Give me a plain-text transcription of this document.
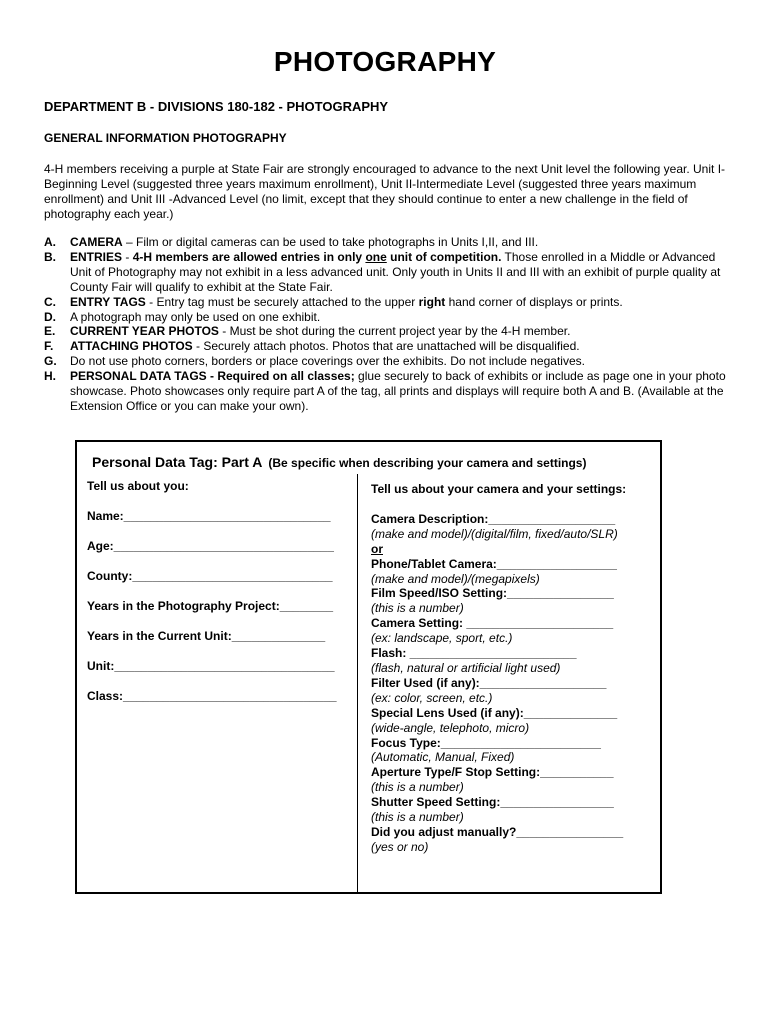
PHOTOGRAPHY

DEPARTMENT B - DIVISIONS 180-182 - PHOTOGRAPHY

GENERAL INFORMATION PHOTOGRAPHY

4-H members receiving a purple at State Fair are strongly encouraged to advance to the next Unit level the following year. Unit I-Beginning Level (suggested three years maximum enrollment), Unit II-Intermediate Level (suggested three years maximum enrollment) and Unit III -Advanced Level (no limit, except that they should continue to enter a new challenge in the field of photography each year.)

A. CAMERA – Film or digital cameras can be used to take photographs in Units I,II, and III.
B. ENTRIES - 4-H members are allowed entries in only one unit of competition. Those enrolled in a Middle or Advanced Unit of Photography may not exhibit in a less advanced unit. Only youth in Units II and III with an exhibit of purple quality at County Fair will qualify to exhibit at the State Fair.
C. ENTRY TAGS - Entry tag must be securely attached to the upper right hand corner of displays or prints.
D. A photograph may only be used on one exhibit.
E. CURRENT YEAR PHOTOS - Must be shot during the current project year by the 4-H member.
F. ATTACHING PHOTOS - Securely attach photos. Photos that are unattached will be disqualified.
G. Do not use photo corners, borders or place coverings over the exhibits. Do not include negatives.
H. PERSONAL DATA TAGS - Required on all classes; glue securely to back of exhibits or include as page one in your photo showcase. Photo showcases only require part A of the tag, all prints and displays will require both A and B. (Available at the Extension Office or you can make your own).

Personal Data Tag: Part A (Be specific when describing your camera and settings)

Tell us about you:
Name:_______________________________
Age:_________________________________
County:______________________________
Years in the Photography Project:________
Years in the Current Unit:______________
Unit:_________________________________
Class:________________________________
Tell us about your camera and your settings:
Camera Description:___________________
(make and model)/(digital/film, fixed/auto/SLR)
or
Phone/Tablet Camera:__________________
(make and model)/(megapixels)
Film Speed/ISO Setting:________________
(this is a number)
Camera Setting: ______________________
(ex: landscape, sport, etc.)
Flash: _________________________
(flash, natural or artificial light used)
Filter Used (if any):___________________
(ex: color, screen, etc.)
Special Lens Used (if any):______________
(wide-angle, telephoto, micro)
Focus Type:________________________
(Automatic, Manual, Fixed)
Aperture Type/F Stop Setting:___________
(this is a number)
Shutter Speed Setting:_________________
(this is a number)
Did you adjust manually?________________
(yes or no)
